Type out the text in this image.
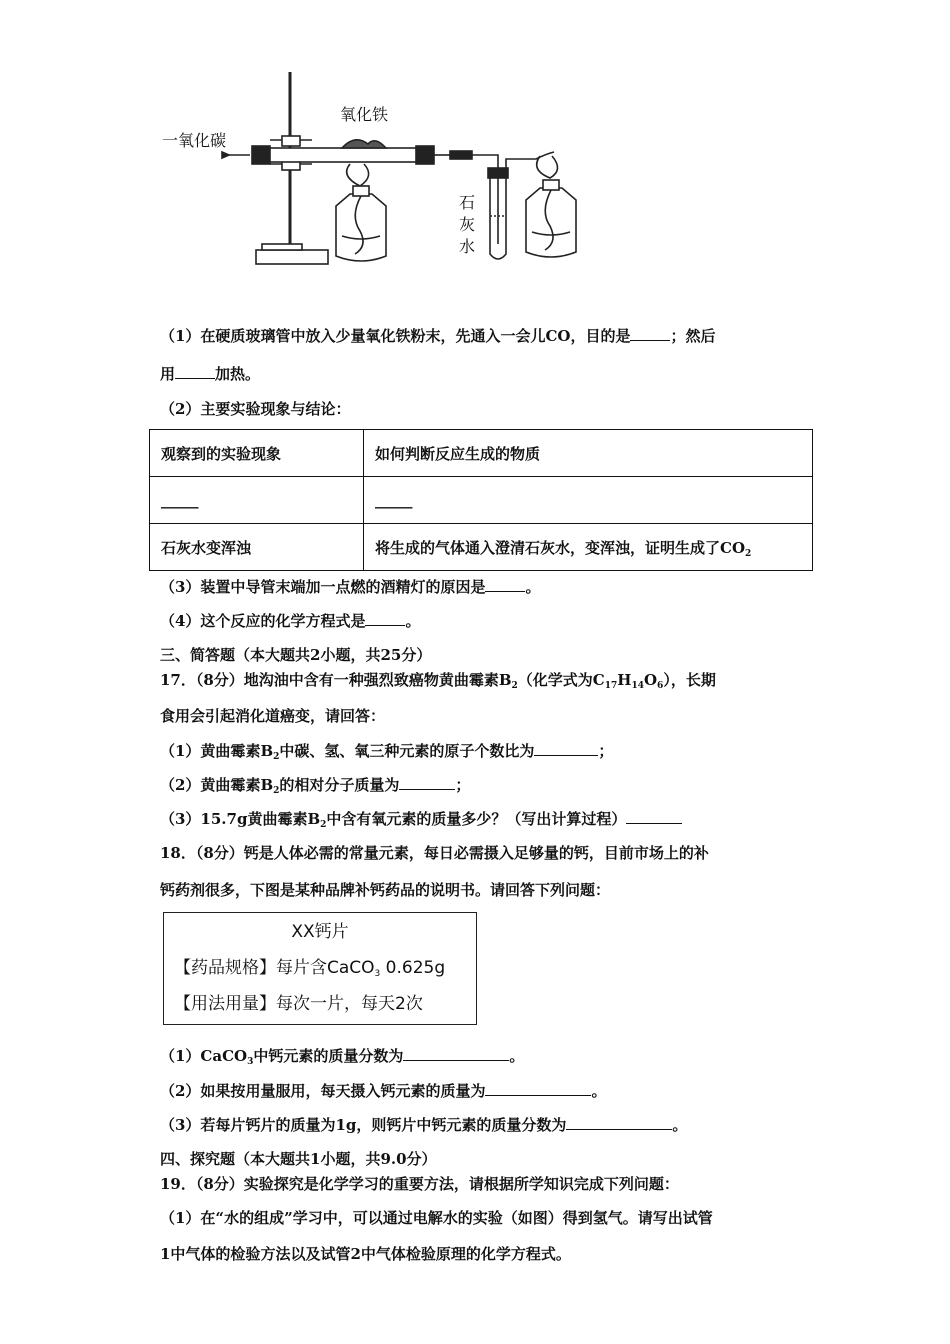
一氧化碳
氧化铁
石
灰
水
（1）在硬质玻璃管中放入少量氧化铁粉末，先通入一会儿CO，目的是	；然后
用	加热。
（2）主要实验现象与结论：
观察到的实验现象	如何判断反应生成的物质
_____	_____
石灰水变浑浊	将生成的气体通入澄清石灰水，变浑浊，证明生成了$CO_2$
（3）装置中导管末端加一点燃的酒精灯的原因是	。
（4）这个反应的化学方程式是	。
三、简答题（本大题共2小题，共25分）
17．（8分）地沟油中含有一种强烈致癌物黄曲霉素$B_2$（化学式为$C_{17}H_{14}O_6$），长期
食用会引起消化道癌变，请回答：
（1）黄曲霉素$B_2$中碳、氢、氧三种元素的原子个数比为	；
（2）黄曲霉素$B_2$的相对分子质量为	；
（3）15.7g黄曲霉素$B_2$中含有氧元素的质量多少？（写出计算过程）
18．（8分）钙是人体必需的常量元素，每日必需摄入足够量的钙，目前市场上的补
钙药剂很多，下图是某种品牌补钙药品的说明书。请回答下列问题：
XX钙片
【药品规格】每片含CaCO$_3$ 0.625g
【用法用量】每次一片，每天2次
（1）CaCO$_3$中钙元素的质量分数为	。
（2）如果按用量服用，每天摄入钙元素的质量为	。
（3）若每片钙片的质量为1g，则钙片中钙元素的质量分数为	。
四、探究题（本大题共1小题，共9.0分）
19．（8分）实验探究是化学学习的重要方法，请根据所学知识完成下列问题：
（1）在“水的组成”学习中，可以通过电解水的实验（如图）得到氢气。请写出试管
1中气体的检验方法以及试管2中气体检验原理的化学方程式。
